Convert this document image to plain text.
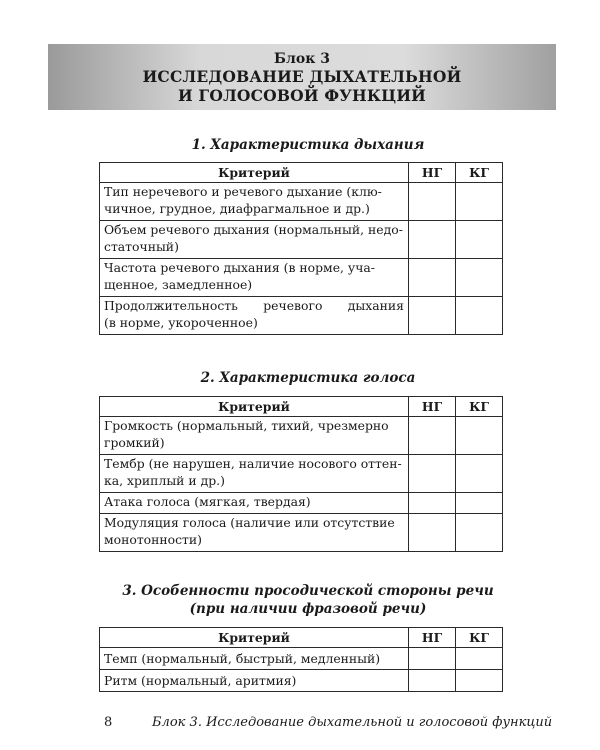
Блок 3
ИССЛЕДОВАНИЕ ДЫХАТЕЛЬНОЙ
И ГОЛОСОВОЙ ФУНКЦИЙ
1. Характеристика дыхания
Критерий	НГ	КГ

Тип неречевого и речевого дыхание (клю-
чичное, грудное, диафрагмальное и др.)		

Объем речевого дыхания (нормальный, недо-
статочный)		

Частота речевого дыхания (в норме, уча-
щенное, замедленное)		

Продолжительность речевого дыхания
(в норме, укороченное)		

2. Характеристика голоса
Критерий	НГ	КГ

Громкость (нормальный, тихий, чрезмерно
громкий)		

Тембр (не нарушен, наличие носового оттен-
ка, хриплый и др.)		

Атака голоса (мягкая, твердая)		

Модуляция голоса (наличие или отсутствие
монотонности)		

3. Особенности просодической стороны речи
(при наличии фразовой речи)
Критерий	НГ	КГ

Темп (нормальный, быстрый, медленный)		

Ритм (нормальный, аритмия)		

8	Блок 3. Исследование дыхательной и голосовой функций
